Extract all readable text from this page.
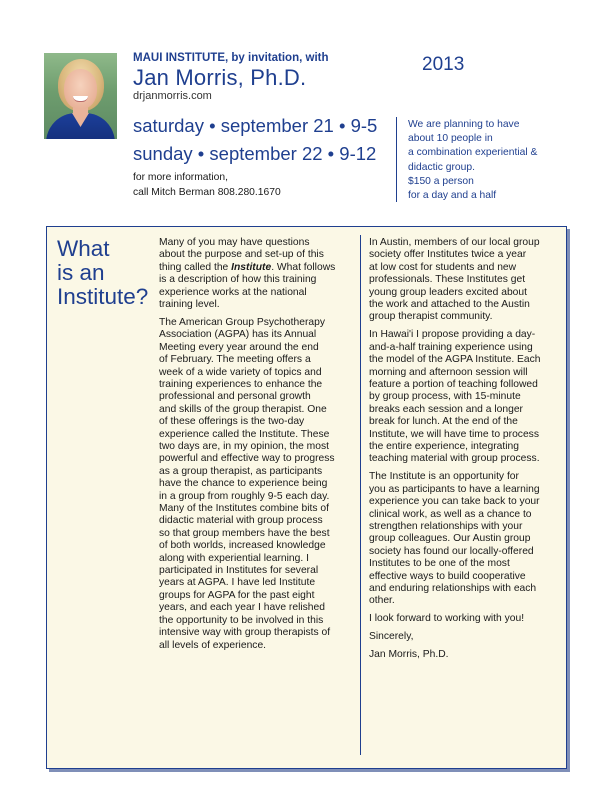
MAUI INSTITUTE, by invitation, with
Jan Morris, Ph.D.
drjanmorris.com
2013
saturday • september 21 • 9-5
sunday • september 22 • 9-12
for more information,
call Mitch Berman 808.280.1670
We are planning to have
about 10 people in
a combination experiential &
didactic group.
$150 a person
for a day and a half
What
is an
Institute?

Many of you may have questions
about the purpose and set-up of this
thing called the Institute. What follows
is a description of how this training
experience works at the national
training level.

The American Group Psychotherapy
Association (AGPA) has its Annual
Meeting every year around the end
of February. The meeting offers a
week of a wide variety of topics and
training experiences to enhance the
professional and personal growth
and skills of the group therapist. One
of these offerings is the two-day
experience called the Institute. These
two days are, in my opinion, the most
powerful and effective way to progress
as a group therapist, as participants
have the chance to experience being
in a group from roughly 9-5 each day.
Many of the Institutes combine bits of
didactic material with group process
so that group members have the best
of both worlds, increased knowledge
along with experiential learning. I
participated in Institutes for several
years at AGPA. I have led Institute
groups for AGPA for the past eight
years, and each year I have relished
the opportunity to be involved in this
intensive way with group therapists of
all levels of experience.

In Austin, members of our local group
society offer Institutes twice a year
at low cost for students and new
professionals. These Institutes get
young group leaders excited about
the work and attached to the Austin
group therapist community.

In Hawai'i I propose providing a day-
and-a-half training experience using
the model of the AGPA Institute. Each
morning and afternoon session will
feature a portion of teaching followed
by group process, with 15-minute
breaks each session and a longer
break for lunch. At the end of the
Institute, we will have time to process
the entire experience, integrating
teaching material with group process.

The Institute is an opportunity for
you as participants to have a learning
experience you can take back to your
clinical work, as well as a chance to
strengthen relationships with your
group colleagues. Our Austin group
society has found our locally-offered
Institutes to be one of the most
effective ways to build cooperative
and enduring relationships with each
other.

I look forward to working with you!

Sincerely,

Jan Morris, Ph.D.
